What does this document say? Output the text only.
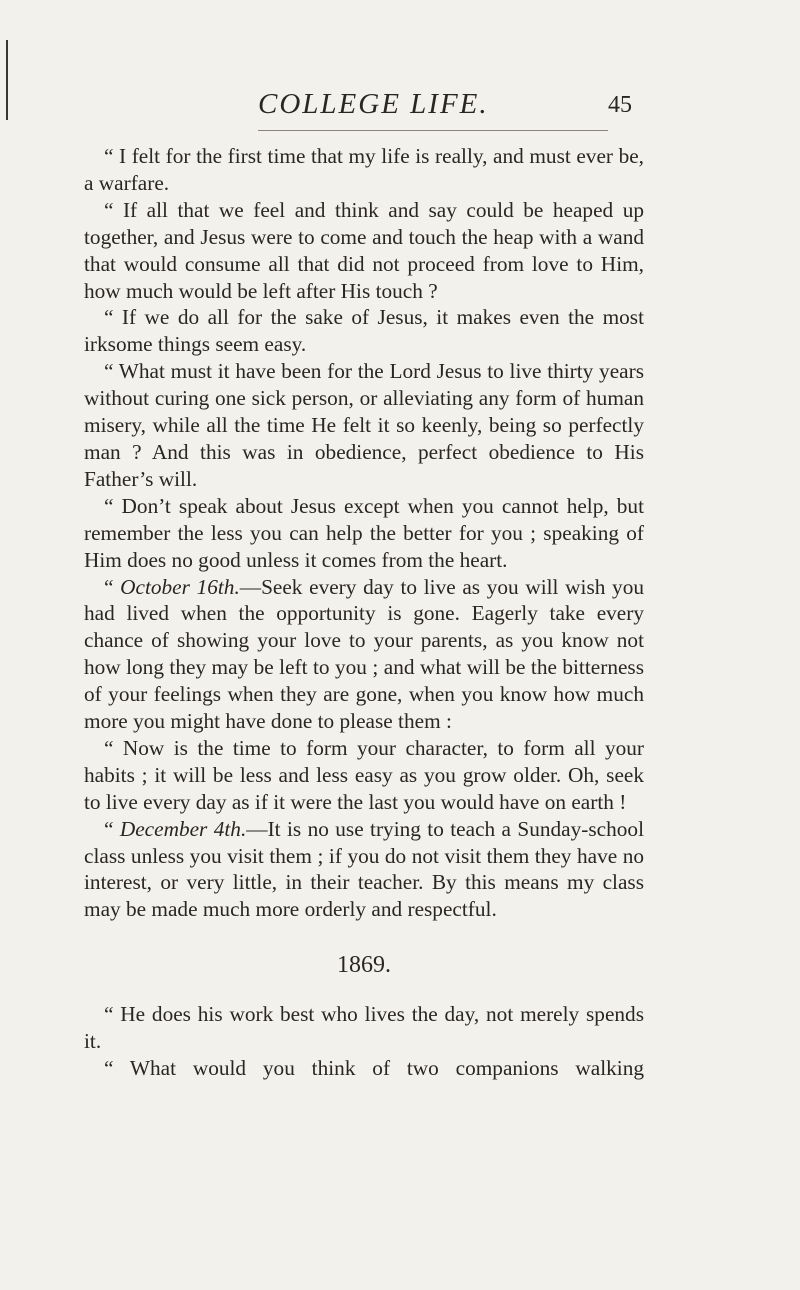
COLLEGE LIFE.	45

“ I felt for the first time that my life is really, and must ever be, a warfare.

“ If all that we feel and think and say could be heaped up together, and Jesus were to come and touch the heap with a wand that would consume all that did not proceed from love to Him, how much would be left after His touch ?

“ If we do all for the sake of Jesus, it makes even the most irksome things seem easy.

“ What must it have been for the Lord Jesus to live thirty years without curing one sick person, or alleviating any form of human misery, while all the time He felt it so keenly, being so perfectly man ? And this was in obedience, perfect obedience to His Father’s will.

“ Don’t speak about Jesus except when you cannot help, but remember the less you can help the better for you ; speaking of Him does no good unless it comes from the heart.

“ October 16th.—Seek every day to live as you will wish you had lived when the opportunity is gone. Eagerly take every chance of showing your love to your parents, as you know not how long they may be left to you ; and what will be the bitterness of your feelings when they are gone, when you know how much more you might have done to please them :

“ Now is the time to form your character, to form all your habits ; it will be less and less easy as you grow older. Oh, seek to live every day as if it were the last you would have on earth !

“ December 4th.—It is no use trying to teach a Sunday-school class unless you visit them ; if you do not visit them they have no interest, or very little, in their teacher. By this means my class may be made much more orderly and respectful.

1869.

“ He does his work best who lives the day, not merely spends it.

“ What would you think of two companions walking
